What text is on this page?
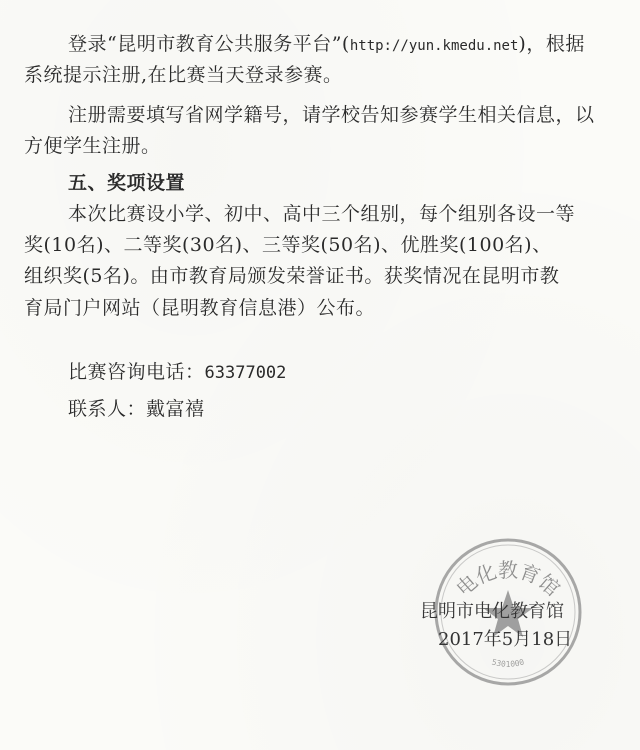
登录“昆明市教育公共服务平台”(http://yun.kmedu.net)，根据
系统提示注册,在比赛当天登录参赛。
注册需要填写省网学籍号，请学校告知参赛学生相关信息，以
方便学生注册。
五、奖项设置
本次比赛设小学、初中、高中三个组别，每个组别各设一等
奖(10名)、二等奖(30名)、三等奖(50名)、优胜奖(100名)、
组织奖(5名)。由市教育局颁发荣誉证书。获奖情况在昆明市教
育局门户网站（昆明教育信息港）公布。
比赛咨询电话：63377002
联系人：戴富禧
电化教育馆
5301000
昆明市电化教育馆
2017年5月18日
